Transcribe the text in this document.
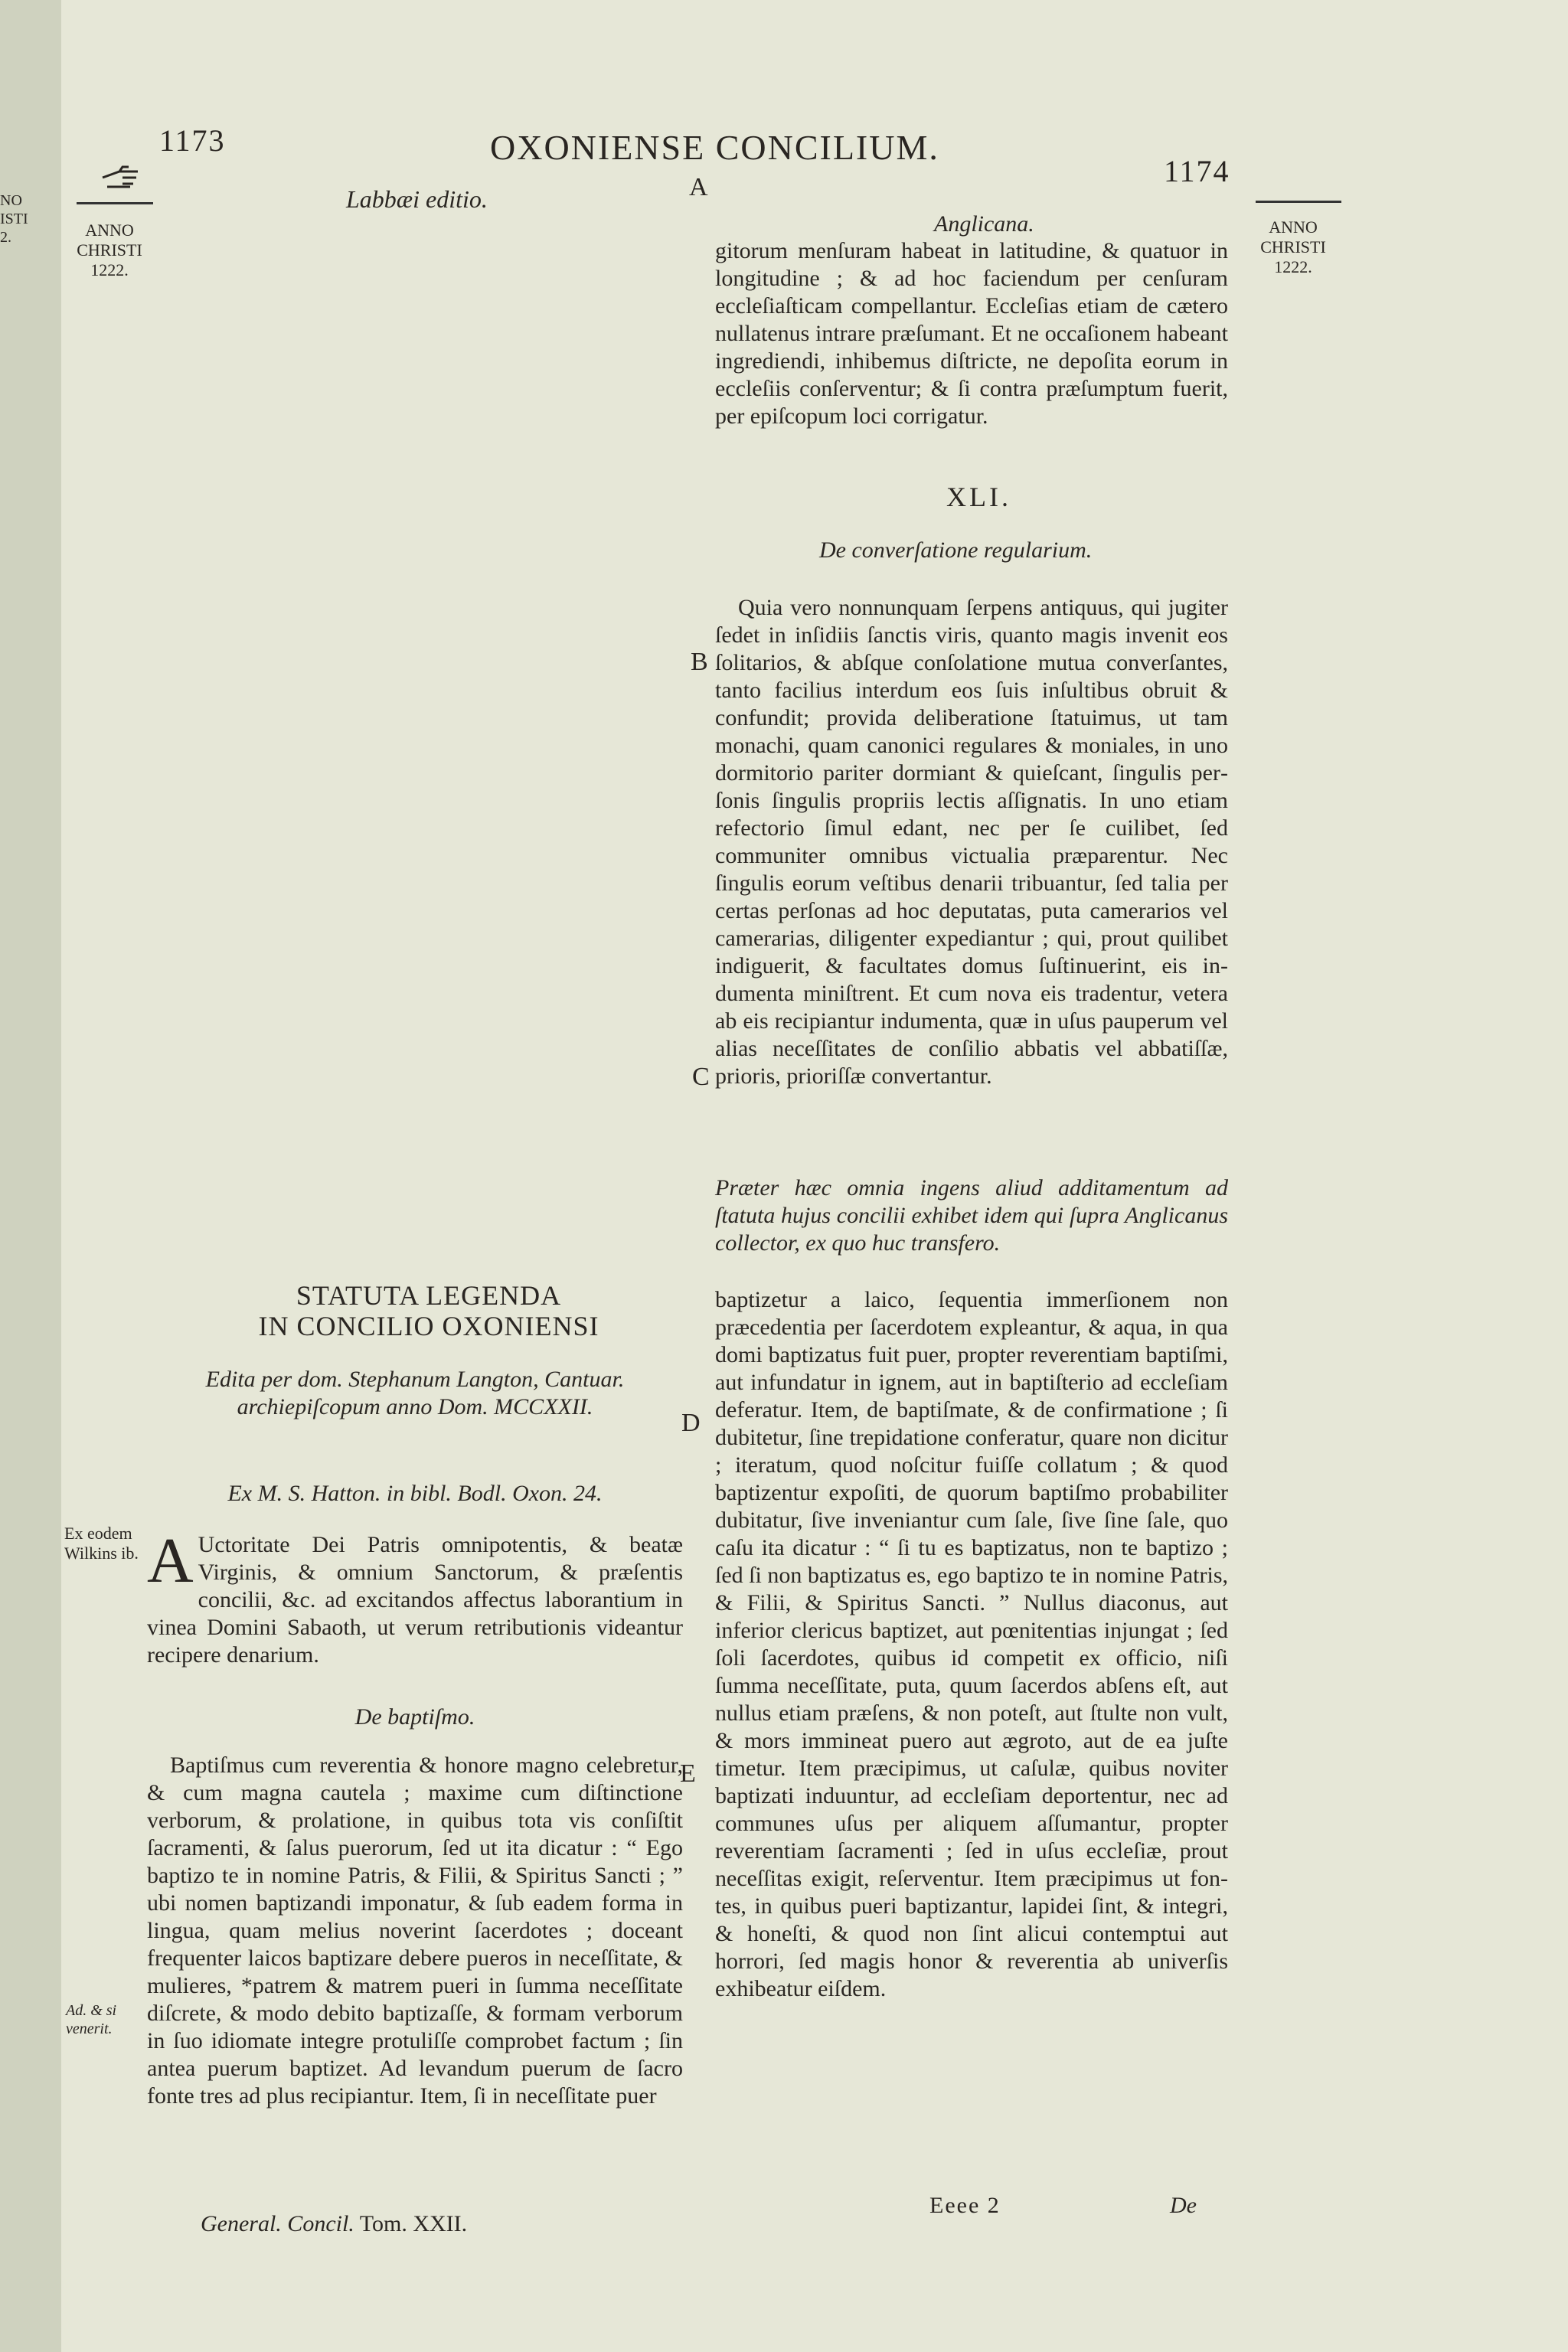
NO
ISTI
2.
1173	OXONIENSE CONCILIUM.
1174
A
Labbæi editio.
Anglicana.
ANNO
CHRISTI
1222.
ANNO
CHRISTI
1222.
gitorum menſuram habeat in latitudine, & quatuor in longitudine ; & ad hoc faciendum per cenſuram eccleſiaſticam compellantur. Eccleſias etiam de cætero nullatenus intrare præſumant. Et ne occaſionem habeant ingrediendi, inhibemus diſtricte, ne depoſita eorum in eccleſiis conſerventur; & ſi contra præſumptum fuerit, per epiſcopum loci corrigatur.
XLI.
De converſatione regularium.
Quia vero nonnunquam ſerpens antiquus, qui jugiter ſedet in inſidiis ſanctis viris, quanto magis invenit eos ſolitarios, & abſque conſolatione mutua converſantes, tanto facilius interdum eos ſuis inſultibus obruit & confundit; provida deliberatione ſtatuimus, ut tam monachi, quam canonici regulares & moniales, in uno dormitorio pariter dormiant & quieſcant, ſingulis perſonis ſingulis propriis lectis aſſignatis. In uno etiam refectorio ſimul edant, nec per ſe cuilibet, ſed communiter omnibus victualia præparentur. Nec ſingulis eorum veſtibus denarii tribuantur, ſed talia per certas perſonas ad hoc deputatas, puta camerarios vel camerarias, diligenter expediantur ; qui, prout quilibet indiguerit, & facultates domus ſuſtinuerint, eis indumenta miniſtrent. Et cum nova eis tradentur, vetera ab eis recipiantur indumenta, quæ in uſus pauperum vel alias neceſſitates de conſilio abbatis vel abbatiſſæ, prioris, prioriſſæ convertantur.
Præter hæc omnia ingens aliud additamentum ad ſtatuta hujus concilii exhibet idem qui ſupra Anglicanus collector, ex quo huc transfero.
B
C
D
E
STATUTA LEGENDA
IN CONCILIO OXONIENSI
Edita per dom. Stephanum Langton, Cantuar. archiepiſcopum anno Dom. MCCXXII.
Ex M. S. Hatton. in bibl. Bodl. Oxon. 24.
Ex eodem Wilkins ib. A Uctoritate Dei Patris omnipotentis, & beatæ Virginis, & omnium Sanctorum, & præſentis concilii, &c. ad excitandos affectus laborantium in vinea Domini Sabaoth, ut verum retributionis videantur recipere denarium.
De baptiſmo.
Baptiſmus cum reverentia & honore magno celebretur, & cum magna cautela ; maxime cum diſtinctione verborum, & prolatione, in quibus tota vis conſiſtit ſacramenti, & ſalus puerorum, ſed ut ita dicatur : “ Ego baptizo te in nomine Patris, & Filii, & Spiritus Sancti ; ” ubi nomen baptizandi imponatur, & ſub eadem forma in lingua, quam melius noverint ſacerdotes ; doceant frequenter laicos baptizare debere pueros in neceſſitate, & mulieres, *patrem & matrem pueri in ſumma neceſſitate diſcrete, & modo debito baptizaſſe, & formam verborum in ſuo idiomate integre protuliſſe comprobet factum ; ſin antea puerum baptizet. Ad levandum puerum de ſacro fonte tres ad plus recipiantur. Item, ſi in neceſſitate puer
Ad. & si venerit.
baptizetur a laico, ſequentia immerſionem non præcedentia per ſacerdotem expleantur, & aqua, in qua domi baptizatus fuit puer, propter reverentiam baptiſmi, aut infundatur in ignem, aut in baptiſterio ad eccleſiam deferatur. Item, de baptiſmate, & de confirmatione ; ſi dubitetur, ſine trepidatione conferatur, quare non dicitur ; iteratum, quod noſcitur fuiſſe collatum ; & quod baptizentur expoſiti, de quorum baptiſmo probabiliter dubitatur, ſive inveniantur cum ſale, ſive ſine ſale, quo caſu ita dicatur : “ ſi tu es baptizatus, non te baptizo ; ſed ſi non baptizatus es, ego baptizo te in nomine Patris, & Filii, & Spiritus Sancti. ” Nullus diaconus, aut inferior clericus baptizet, aut pœnitentias injungat ; ſed ſoli ſacerdotes, quibus id competit ex officio, niſi ſumma neceſſitate, puta, quum ſacerdos abſens eſt, aut nullus etiam præſens, & non poteſt, aut ſtulte non vult, & mors immineat puero aut ægroto, aut de ea juſte timetur. Item præcipimus, ut caſulæ, quibus noviter baptizati induuntur, ad eccleſiam deportentur, nec ad communes uſus per aliquem aſſumantur, propter reverentiam ſacramenti ; ſed in uſus eccleſiæ, prout neceſſitas exigit, reſerventur. Item præcipimus ut fontes, in quibus pueri baptizantur, lapidei ſint, & integri, & honeſti, & quod non ſint alicui contemptui aut horrori, ſed magis honor & reverentia ab univerſis exhibeatur eiſdem.
General. Concil. Tom. XXII.
Eeee 2	De
